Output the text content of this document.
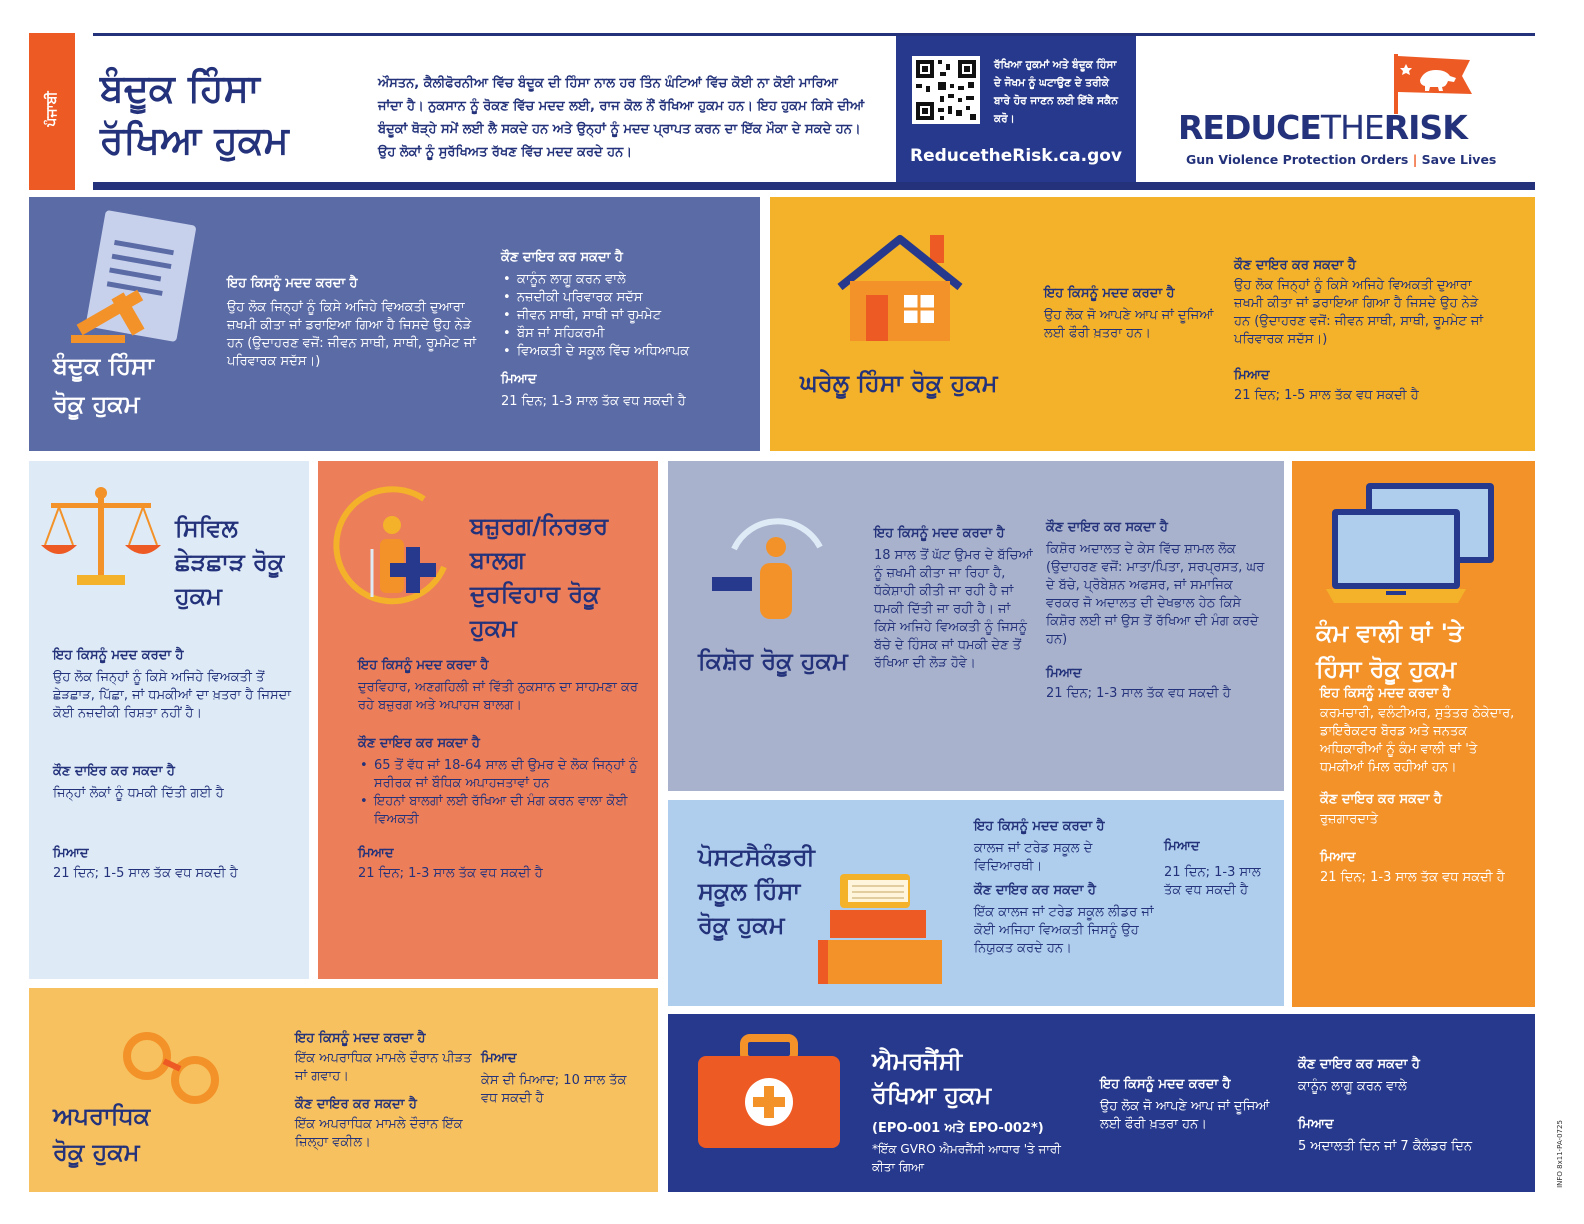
ਪੰਜਾਬੀ ਬੰਦੂਕ ਹਿੰਸਾ
ਰੱਖਿਆ ਹੁਕਮ
ਔਸਤਨ, ਕੈਲੀਫੋਰਨੀਆ ਵਿੱਚ ਬੰਦੂਕ ਦੀ ਹਿੰਸਾ ਨਾਲ ਹਰ ਤਿੰਨ ਘੰਟਿਆਂ ਵਿੱਚ ਕੋਈ ਨਾ ਕੋਈ ਮਾਰਿਆ ਜਾਂਦਾ ਹੈ। ਨੁਕਸਾਨ ਨੂੰ ਰੋਕਣ ਵਿੱਚ ਮਦਦ ਲਈ, ਰਾਜ ਕੋਲ ਨੌਂ ਰੱਖਿਆ ਹੁਕਮ ਹਨ। ਇਹ ਹੁਕਮ ਕਿਸੇ ਦੀਆਂ ਬੰਦੂਕਾਂ ਥੋੜ੍ਹੇ ਸਮੇਂ ਲਈ ਲੈ ਸਕਦੇ ਹਨ ਅਤੇ ਉਨ੍ਹਾਂ ਨੂੰ ਮਦਦ ਪ੍ਰਾਪਤ ਕਰਨ ਦਾ ਇੱਕ ਮੌਕਾ ਦੇ ਸਕਦੇ ਹਨ। ਉਹ ਲੋਕਾਂ ਨੂੰ ਸੁਰੱਖਿਅਤ ਰੱਖਣ ਵਿੱਚ ਮਦਦ ਕਰਦੇ ਹਨ।
ਰੱਖਿਆ ਹੁਕਮਾਂ ਅਤੇ ਬੰਦੂਕ ਹਿੰਸਾ ਦੇ ਜੋਖਮ ਨੂੰ ਘਟਾਉਣ ਦੇ ਤਰੀਕੇ ਬਾਰੇ ਹੋਰ ਜਾਣਨ ਲਈ ਇੱਥੇ ਸਕੈਨ ਕਰੋ।
ReducetheRisk.ca.gov
REDUCETHERISK
Gun Violence Protection Orders | Save Lives
ਬੰਦੂਕ ਹਿੰਸਾ
ਰੋਕੂ ਹੁਕਮ
ਇਹ ਕਿਸਨੂੰ ਮਦਦ ਕਰਦਾ ਹੈ
ਉਹ ਲੋਕ ਜਿਨ੍ਹਾਂ ਨੂੰ ਕਿਸੇ ਅਜਿਹੇ ਵਿਅਕਤੀ ਦੁਆਰਾ ਜ਼ਖਮੀ ਕੀਤਾ ਜਾਂ ਡਰਾਇਆ ਗਿਆ ਹੈ ਜਿਸਦੇ ਉਹ ਨੇੜੇ ਹਨ (ਉਦਾਹਰਣ ਵਜੋਂ: ਜੀਵਨ ਸਾਥੀ, ਸਾਥੀ, ਰੂਮਮੇਟ ਜਾਂ ਪਰਿਵਾਰਕ ਸਦੱਸ।)
ਕੌਣ ਦਾਇਰ ਕਰ ਸਕਦਾ ਹੈ
• ਕਾਨੂੰਨ ਲਾਗੂ ਕਰਨ ਵਾਲੇ
• ਨਜ਼ਦੀਕੀ ਪਰਿਵਾਰਕ ਸਦੱਸ
• ਜੀਵਨ ਸਾਥੀ, ਸਾਥੀ ਜਾਂ ਰੂਮਮੇਟ
• ਬੌਸ ਜਾਂ ਸਹਿਕਰਮੀ
• ਵਿਅਕਤੀ ਦੇ ਸਕੂਲ ਵਿੱਚ ਅਧਿਆਪਕ
ਮਿਆਦ
21 ਦਿਨ; 1-3 ਸਾਲ ਤੱਕ ਵਧ ਸਕਦੀ ਹੈ
ਘਰੇਲੂ ਹਿੰਸਾ ਰੋਕੂ ਹੁਕਮ
ਇਹ ਕਿਸਨੂੰ ਮਦਦ ਕਰਦਾ ਹੈ
ਉਹ ਲੋਕ ਜੋ ਆਪਣੇ ਆਪ ਜਾਂ ਦੂਜਿਆਂ ਲਈ ਫੌਰੀ ਖ਼ਤਰਾ ਹਨ।
ਕੌਣ ਦਾਇਰ ਕਰ ਸਕਦਾ ਹੈ
ਉਹ ਲੋਕ ਜਿਨ੍ਹਾਂ ਨੂੰ ਕਿਸੇ ਅਜਿਹੇ ਵਿਅਕਤੀ ਦੁਆਰਾ ਜ਼ਖਮੀ ਕੀਤਾ ਜਾਂ ਡਰਾਇਆ ਗਿਆ ਹੈ ਜਿਸਦੇ ਉਹ ਨੇੜੇ ਹਨ (ਉਦਾਹਰਣ ਵਜੋਂ: ਜੀਵਨ ਸਾਥੀ, ਸਾਥੀ, ਰੂਮਮੇਟ ਜਾਂ ਪਰਿਵਾਰਕ ਸਦੱਸ।)
ਮਿਆਦ
21 ਦਿਨ; 1-5 ਸਾਲ ਤੱਕ ਵਧ ਸਕਦੀ ਹੈ
ਸਿਵਿਲ
ਛੇੜਛਾੜ ਰੋਕੂ
ਹੁਕਮ
ਇਹ ਕਿਸਨੂੰ ਮਦਦ ਕਰਦਾ ਹੈ
ਉਹ ਲੋਕ ਜਿਨ੍ਹਾਂ ਨੂੰ ਕਿਸੇ ਅਜਿਹੇ ਵਿਅਕਤੀ ਤੋਂ ਛੇੜਛਾੜ, ਪਿੱਛਾ, ਜਾਂ ਧਮਕੀਆਂ ਦਾ ਖ਼ਤਰਾ ਹੈ ਜਿਸਦਾ ਕੋਈ ਨਜ਼ਦੀਕੀ ਰਿਸ਼ਤਾ ਨਹੀਂ ਹੈ।
ਕੌਣ ਦਾਇਰ ਕਰ ਸਕਦਾ ਹੈ
ਜਿਨ੍ਹਾਂ ਲੋਕਾਂ ਨੂੰ ਧਮਕੀ ਦਿੱਤੀ ਗਈ ਹੈ
ਮਿਆਦ
21 ਦਿਨ; 1-5 ਸਾਲ ਤੱਕ ਵਧ ਸਕਦੀ ਹੈ
ਬਜ਼ੁਰਗ/ਨਿਰਭਰ
ਬਾਲਗ
ਦੁਰਵਿਹਾਰ ਰੋਕੂ
ਹੁਕਮ
ਇਹ ਕਿਸਨੂੰ ਮਦਦ ਕਰਦਾ ਹੈ
ਦੁਰਵਿਹਾਰ, ਅਣਗਹਿਲੀ ਜਾਂ ਵਿੱਤੀ ਨੁਕਸਾਨ ਦਾ ਸਾਹਮਣਾ ਕਰ ਰਹੇ ਬਜ਼ੁਰਗ ਅਤੇ ਅਪਾਹਜ ਬਾਲਗ।
ਕੌਣ ਦਾਇਰ ਕਰ ਸਕਦਾ ਹੈ
• 65 ਤੋਂ ਵੱਧ ਜਾਂ 18-64 ਸਾਲ ਦੀ ਉਮਰ ਦੇ ਲੋਕ ਜਿਨ੍ਹਾਂ ਨੂੰ ਸਰੀਰਕ ਜਾਂ ਬੌਧਿਕ ਅਪਾਹਜਤਾਵਾਂ ਹਨ
• ਇਹਨਾਂ ਬਾਲਗਾਂ ਲਈ ਰੱਖਿਆ ਦੀ ਮੰਗ ਕਰਨ ਵਾਲਾ ਕੋਈ ਵਿਅਕਤੀ
ਮਿਆਦ
21 ਦਿਨ; 1-3 ਸਾਲ ਤੱਕ ਵਧ ਸਕਦੀ ਹੈ
ਕਿਸ਼ੋਰ ਰੋਕੂ ਹੁਕਮ
ਇਹ ਕਿਸਨੂੰ ਮਦਦ ਕਰਦਾ ਹੈ
18 ਸਾਲ ਤੋਂ ਘੱਟ ਉਮਰ ਦੇ ਬੱਚਿਆਂ ਨੂੰ ਜ਼ਖਮੀ ਕੀਤਾ ਜਾ ਰਿਹਾ ਹੈ, ਧੱਕੇਸ਼ਾਹੀ ਕੀਤੀ ਜਾ ਰਹੀ ਹੈ ਜਾਂ ਧਮਕੀ ਦਿੱਤੀ ਜਾ ਰਹੀ ਹੈ। ਜਾਂ ਕਿਸੇ ਅਜਿਹੇ ਵਿਅਕਤੀ ਨੂੰ ਜਿਸਨੂੰ ਬੱਚੇ ਦੇ ਹਿੰਸਕ ਜਾਂ ਧਮਕੀ ਦੇਣ ਤੋਂ ਰੱਖਿਆ ਦੀ ਲੋੜ ਹੋਵੇ।
ਕੌਣ ਦਾਇਰ ਕਰ ਸਕਦਾ ਹੈ
ਕਿਸ਼ੋਰ ਅਦਾਲਤ ਦੇ ਕੇਸ ਵਿੱਚ ਸ਼ਾਮਲ ਲੋਕ (ਉਦਾਹਰਣ ਵਜੋਂ: ਮਾਤਾ/ਪਿਤਾ, ਸਰਪ੍ਰਸਤ, ਘਰ ਦੇ ਬੱਚੇ, ਪ੍ਰੋਬੇਸ਼ਨ ਅਫਸਰ, ਜਾਂ ਸਮਾਜਿਕ ਵਰਕਰ ਜੋ ਅਦਾਲਤ ਦੀ ਦੇਖਭਾਲ ਹੇਠ ਕਿਸੇ ਕਿਸ਼ੋਰ ਲਈ ਜਾਂ ਉਸ ਤੋਂ ਰੱਖਿਆ ਦੀ ਮੰਗ ਕਰਦੇ ਹਨ)
ਮਿਆਦ
21 ਦਿਨ; 1-3 ਸਾਲ ਤੱਕ ਵਧ ਸਕਦੀ ਹੈ
ਕੰਮ ਵਾਲੀ ਥਾਂ 'ਤੇ
ਹਿੰਸਾ ਰੋਕੂ ਹੁਕਮ
ਇਹ ਕਿਸਨੂੰ ਮਦਦ ਕਰਦਾ ਹੈ
ਕਰਮਚਾਰੀ, ਵਲੰਟੀਅਰ, ਸੁਤੰਤਰ ਠੇਕੇਦਾਰ, ਡਾਇਰੈਕਟਰ ਬੋਰਡ ਅਤੇ ਜਨਤਕ ਅਧਿਕਾਰੀਆਂ ਨੂੰ ਕੰਮ ਵਾਲੀ ਥਾਂ 'ਤੇ ਧਮਕੀਆਂ ਮਿਲ ਰਹੀਆਂ ਹਨ।
ਕੌਣ ਦਾਇਰ ਕਰ ਸਕਦਾ ਹੈ
ਰੁਜ਼ਗਾਰਦਾਤੇ
ਮਿਆਦ
21 ਦਿਨ; 1-3 ਸਾਲ ਤੱਕ ਵਧ ਸਕਦੀ ਹੈ
ਪੋਸਟਸੈਕੰਡਰੀ
ਸਕੂਲ ਹਿੰਸਾ
ਰੋਕੂ ਹੁਕਮ
ਇਹ ਕਿਸਨੂੰ ਮਦਦ ਕਰਦਾ ਹੈ
ਕਾਲਜ ਜਾਂ ਟਰੇਡ ਸਕੂਲ ਦੇ ਵਿਦਿਆਰਥੀ।
ਕੌਣ ਦਾਇਰ ਕਰ ਸਕਦਾ ਹੈ
ਇੱਕ ਕਾਲਜ ਜਾਂ ਟਰੇਡ ਸਕੂਲ ਲੀਡਰ ਜਾਂ ਕੋਈ ਅਜਿਹਾ ਵਿਅਕਤੀ ਜਿਸਨੂੰ ਉਹ ਨਿਯੁਕਤ ਕਰਦੇ ਹਨ।
ਮਿਆਦ
21 ਦਿਨ; 1-3 ਸਾਲ ਤੱਕ ਵਧ ਸਕਦੀ ਹੈ
ਅਪਰਾਧਿਕ
ਰੋਕੂ ਹੁਕਮ
ਇਹ ਕਿਸਨੂੰ ਮਦਦ ਕਰਦਾ ਹੈ
ਇੱਕ ਅਪਰਾਧਿਕ ਮਾਮਲੇ ਦੌਰਾਨ ਪੀੜਤ ਜਾਂ ਗਵਾਹ।
ਕੌਣ ਦਾਇਰ ਕਰ ਸਕਦਾ ਹੈ
ਇੱਕ ਅਪਰਾਧਿਕ ਮਾਮਲੇ ਦੌਰਾਨ ਇੱਕ ਜ਼ਿਲ੍ਹਾ ਵਕੀਲ।
ਮਿਆਦ
ਕੇਸ ਦੀ ਮਿਆਦ; 10 ਸਾਲ ਤੱਕ ਵਧ ਸਕਦੀ ਹੈ
ਐਮਰਜੈਂਸੀ
ਰੱਖਿਆ ਹੁਕਮ
(EPO-001 ਅਤੇ EPO-002*)
*ਇੱਕ GVRO ਐਮਰਜੈਂਸੀ ਆਧਾਰ 'ਤੇ ਜਾਰੀ ਕੀਤਾ ਗਿਆ
ਇਹ ਕਿਸਨੂੰ ਮਦਦ ਕਰਦਾ ਹੈ
ਉਹ ਲੋਕ ਜੋ ਆਪਣੇ ਆਪ ਜਾਂ ਦੂਜਿਆਂ ਲਈ ਫੌਰੀ ਖ਼ਤਰਾ ਹਨ।
ਕੌਣ ਦਾਇਰ ਕਰ ਸਕਦਾ ਹੈ
ਕਾਨੂੰਨ ਲਾਗੂ ਕਰਨ ਵਾਲੇ
ਮਿਆਦ
5 ਅਦਾਲਤੀ ਦਿਨ ਜਾਂ 7 ਕੈਲੰਡਰ ਦਿਨ	INFO 8x11-PA-0725
